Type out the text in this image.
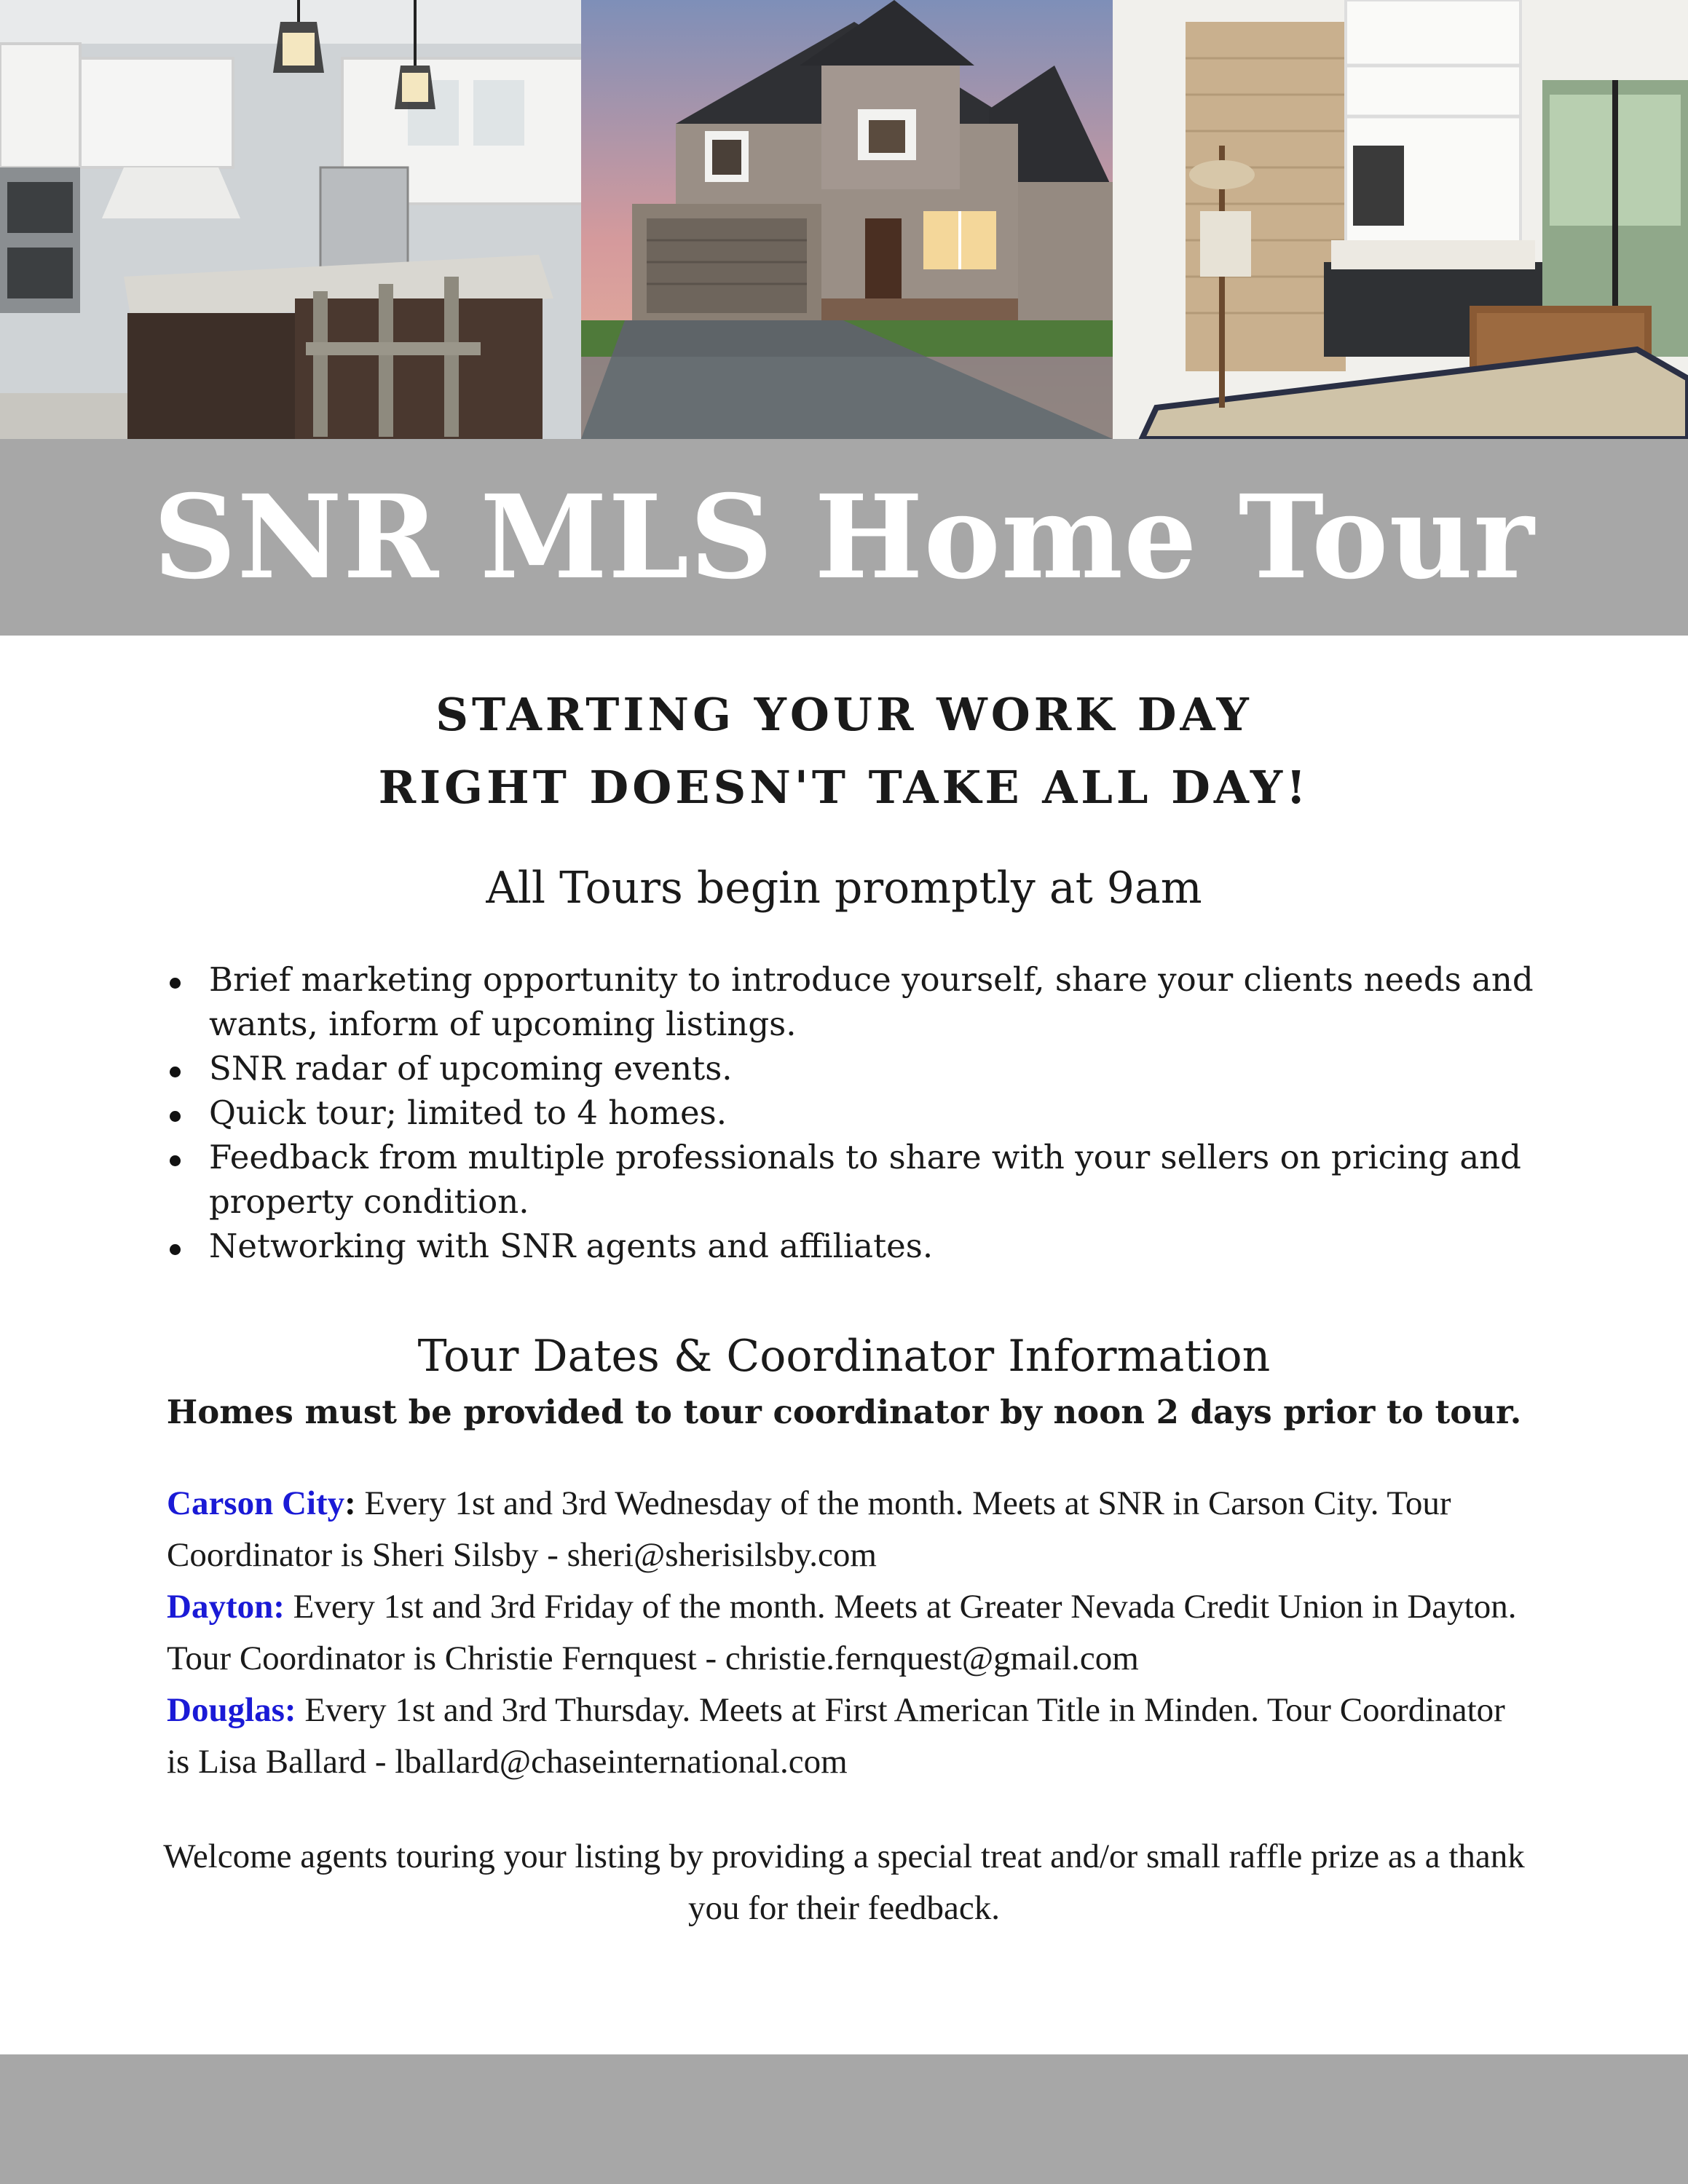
SNR MLS Home Tour
STARTING YOUR WORK DAY
RIGHT DOESN'T TAKE ALL DAY!
All Tours begin promptly at 9am
Brief marketing opportunity to introduce yourself, share your clients needs and wants, inform of upcoming listings.
SNR radar of upcoming events.
Quick tour; limited to 4 homes.
Feedback from multiple professionals to share with your sellers on pricing and property condition.
Networking with SNR agents and affiliates.
Tour Dates & Coordinator Information
Homes must be provided to tour coordinator by noon 2 days prior to tour.
Carson City: Every 1st and 3rd Wednesday of the month. Meets at SNR in Carson City. Tour Coordinator is Sheri Silsby - sheri@sherisilsby.com
Dayton: Every 1st and 3rd Friday of the month. Meets at Greater Nevada Credit Union in Dayton. Tour Coordinator is Christie Fernquest - christie.fernquest@gmail.com
Douglas: Every 1st and 3rd Thursday. Meets at First American Title in Minden. Tour Coordinator is Lisa Ballard - lballard@chaseinternational.com
Welcome agents touring your listing by providing a special treat and/or small raffle prize as a thank you for their feedback.
